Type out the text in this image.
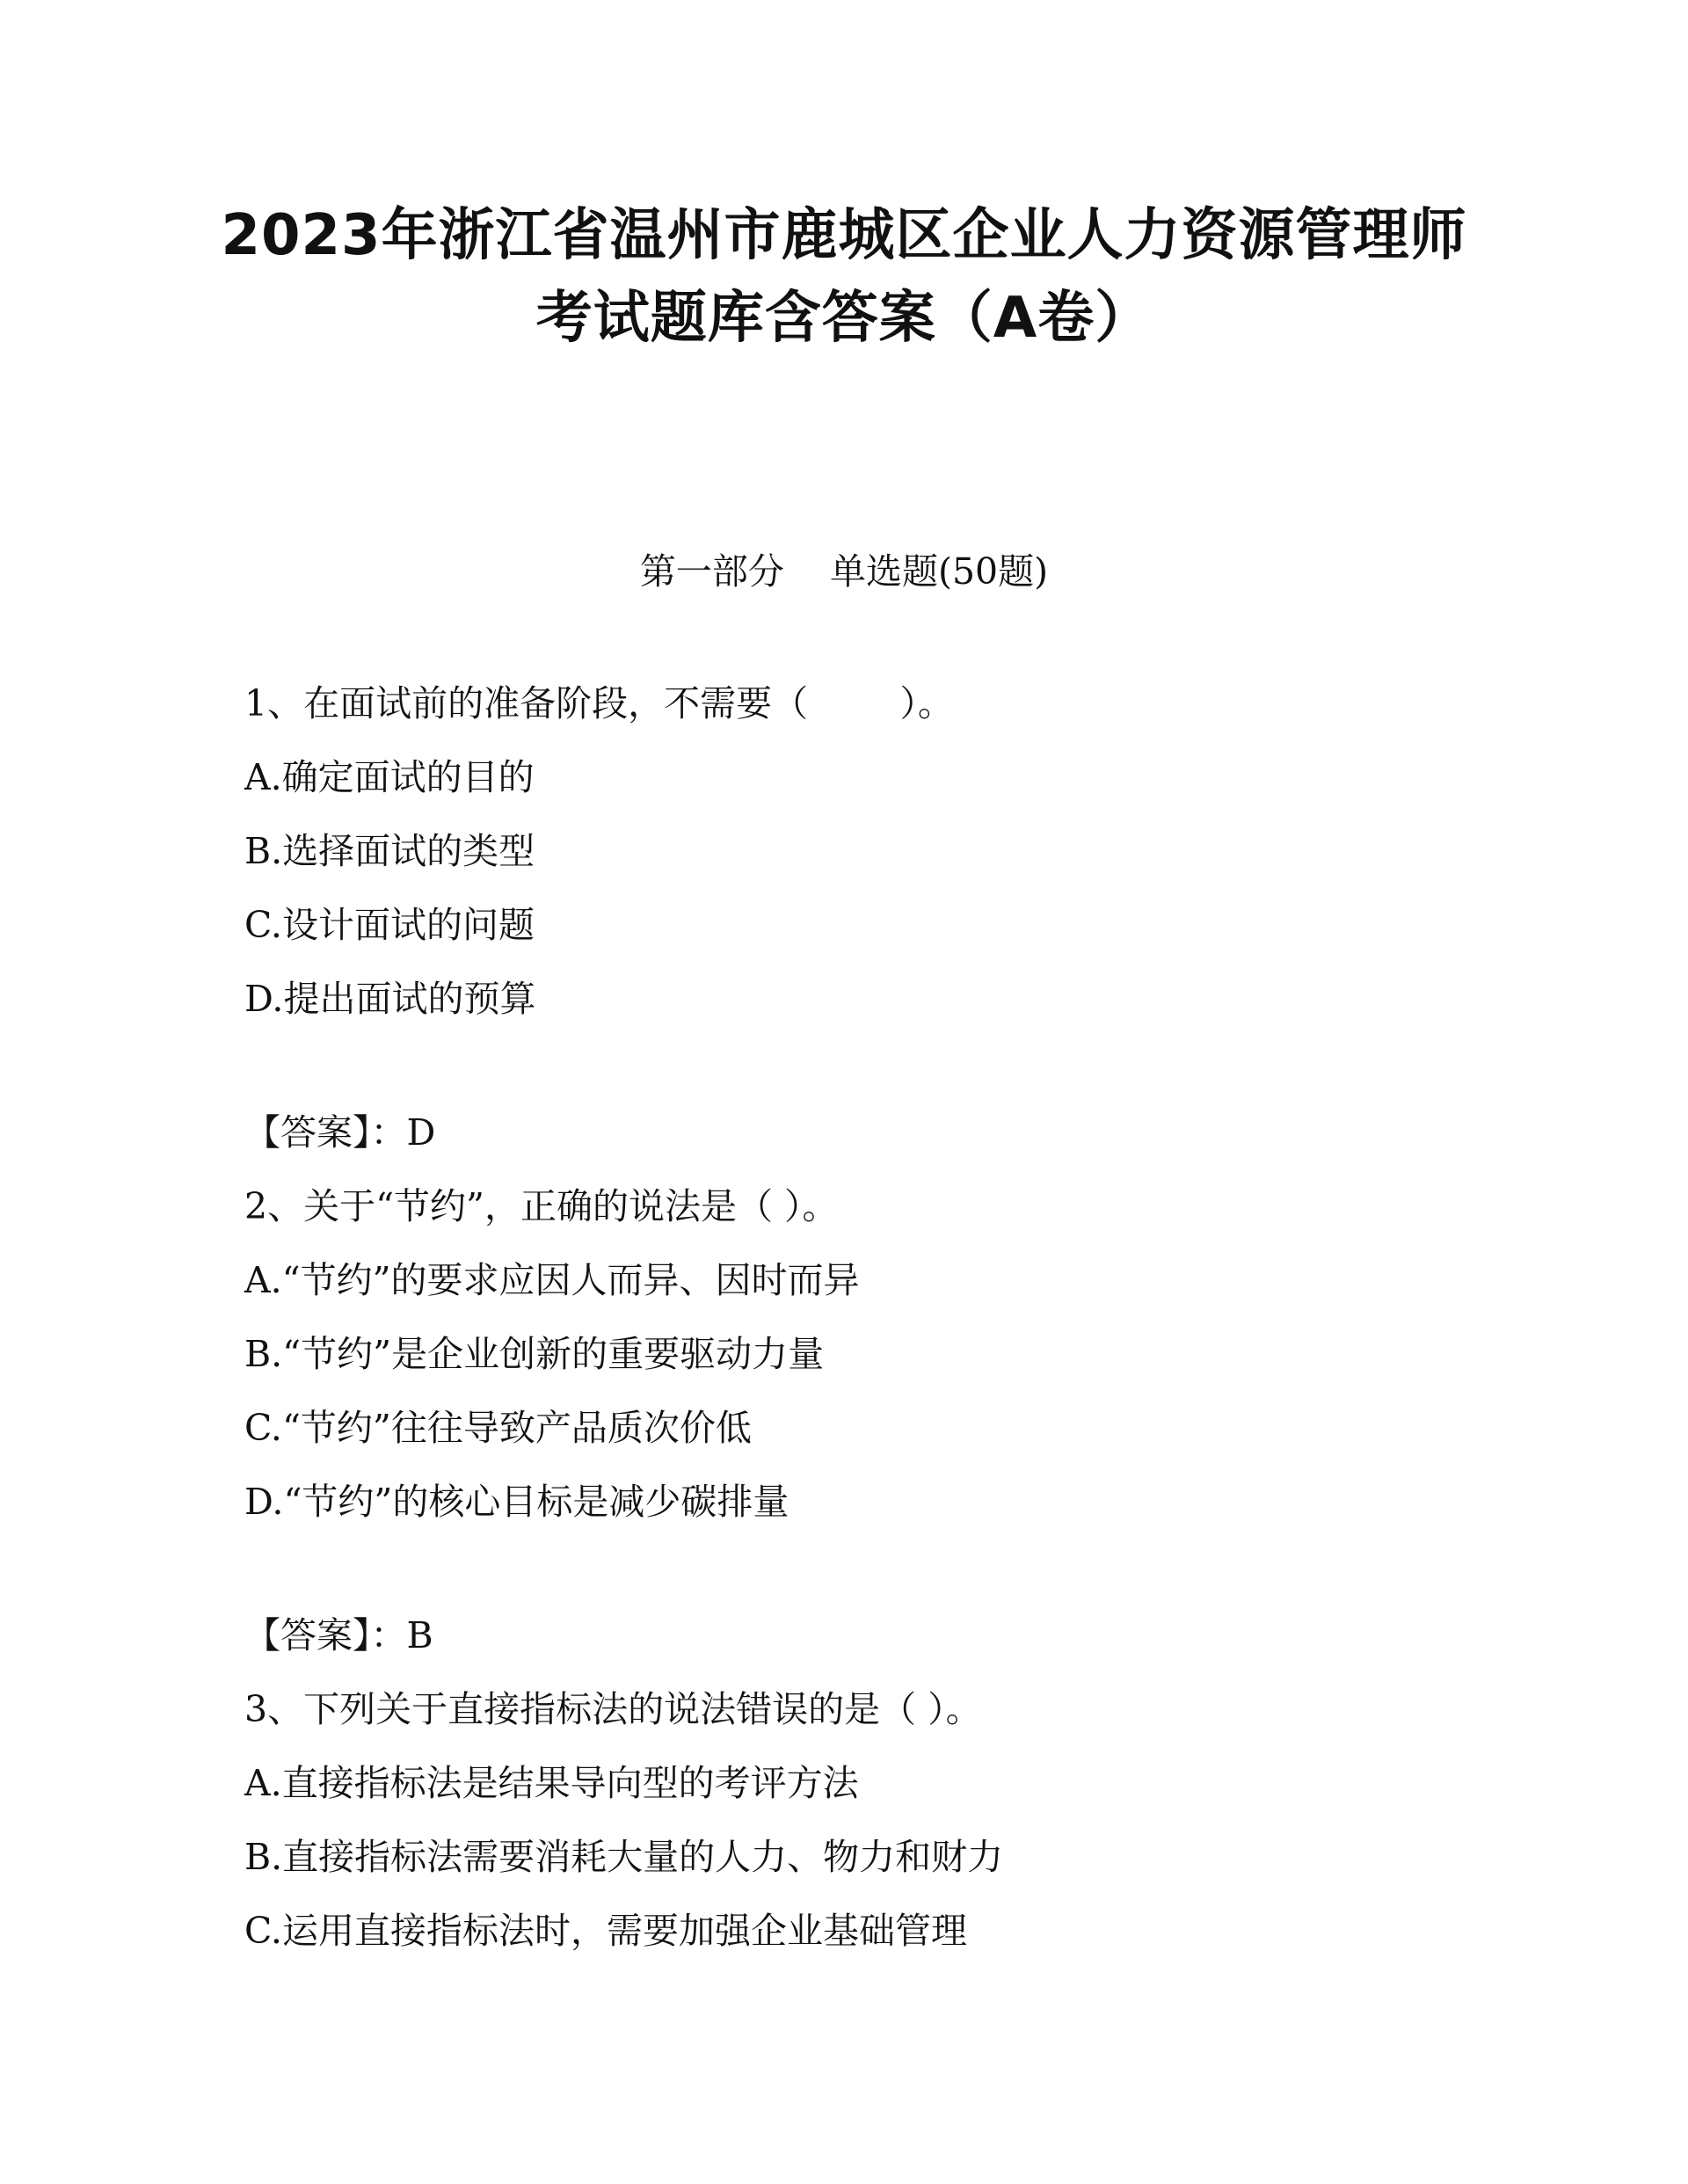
2023年浙江省温州市鹿城区企业人力资源管理师
考试题库含答案（A卷）
第一部分    单选题(50题)
1、在面试前的准备阶段，不需要（        ）。
A.确定面试的目的
B.选择面试的类型
C.设计面试的问题
D.提出面试的预算
【答案】：D
2、关于“节约”，正确的说法是（ ）。
A.“节约”的要求应因人而异、因时而异
B.“节约”是企业创新的重要驱动力量
C.“节约”往往导致产品质次价低
D.“节约”的核心目标是减少碳排量
【答案】：B
3、下列关于直接指标法的说法错误的是（ ）。
A.直接指标法是结果导向型的考评方法
B.直接指标法需要消耗大量的人力、物力和财力
C.运用直接指标法时，需要加强企业基础管理
